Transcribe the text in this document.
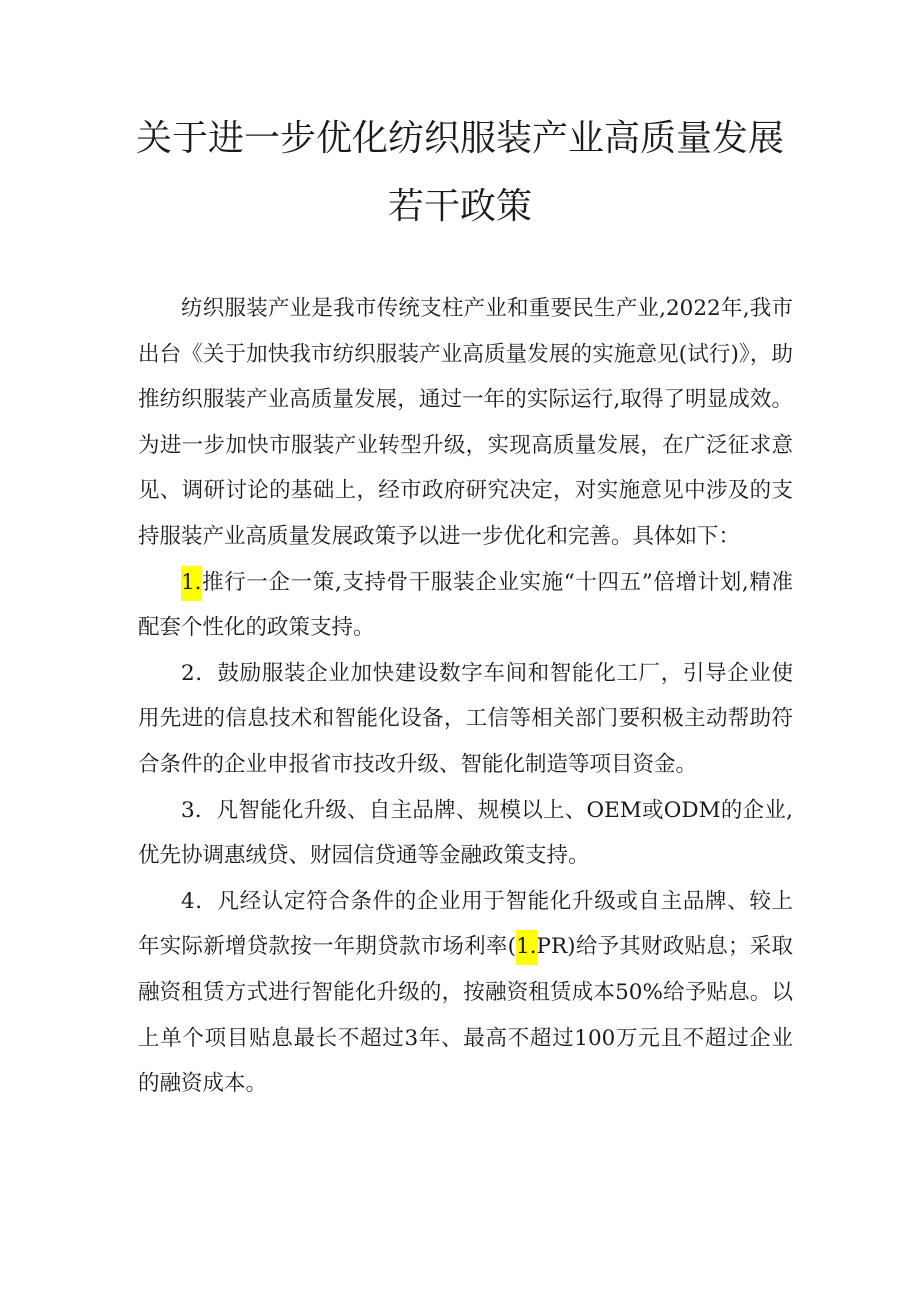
关于进一步优化纺织服装产业高质量发展
若干政策

纺织服装产业是我市传统支柱产业和重要民生产业,2022年,我市出台《关于加快我市纺织服装产业高质量发展的实施意见(试行)》，助推纺织服装产业高质量发展，通过一年的实际运行,取得了明显成效。为进一步加快市服装产业转型升级，实现高质量发展，在广泛征求意见、调研讨论的基础上，经市政府研究决定，对实施意见中涉及的支持服装产业高质量发展政策予以进一步优化和完善。具体如下：

1.推行一企一策,支持骨干服装企业实施“十四五”倍增计划,精准配套个性化的政策支持。

2．鼓励服装企业加快建设数字车间和智能化工厂，引导企业使用先进的信息技术和智能化设备，工信等相关部门要积极主动帮助符合条件的企业申报省市技改升级、智能化制造等项目资金。

3．凡智能化升级、自主品牌、规模以上、OEM或ODM的企业,优先协调惠绒贷、财园信贷通等金融政策支持。

4．凡经认定符合条件的企业用于智能化升级或自主品牌、较上年实际新增贷款按一年期贷款市场利率(1.PR)给予其财政贴息；采取融资租赁方式进行智能化升级的，按融资租赁成本50%给予贴息。以上单个项目贴息最长不超过3年、最高不超过100万元且不超过企业的融资成本。
